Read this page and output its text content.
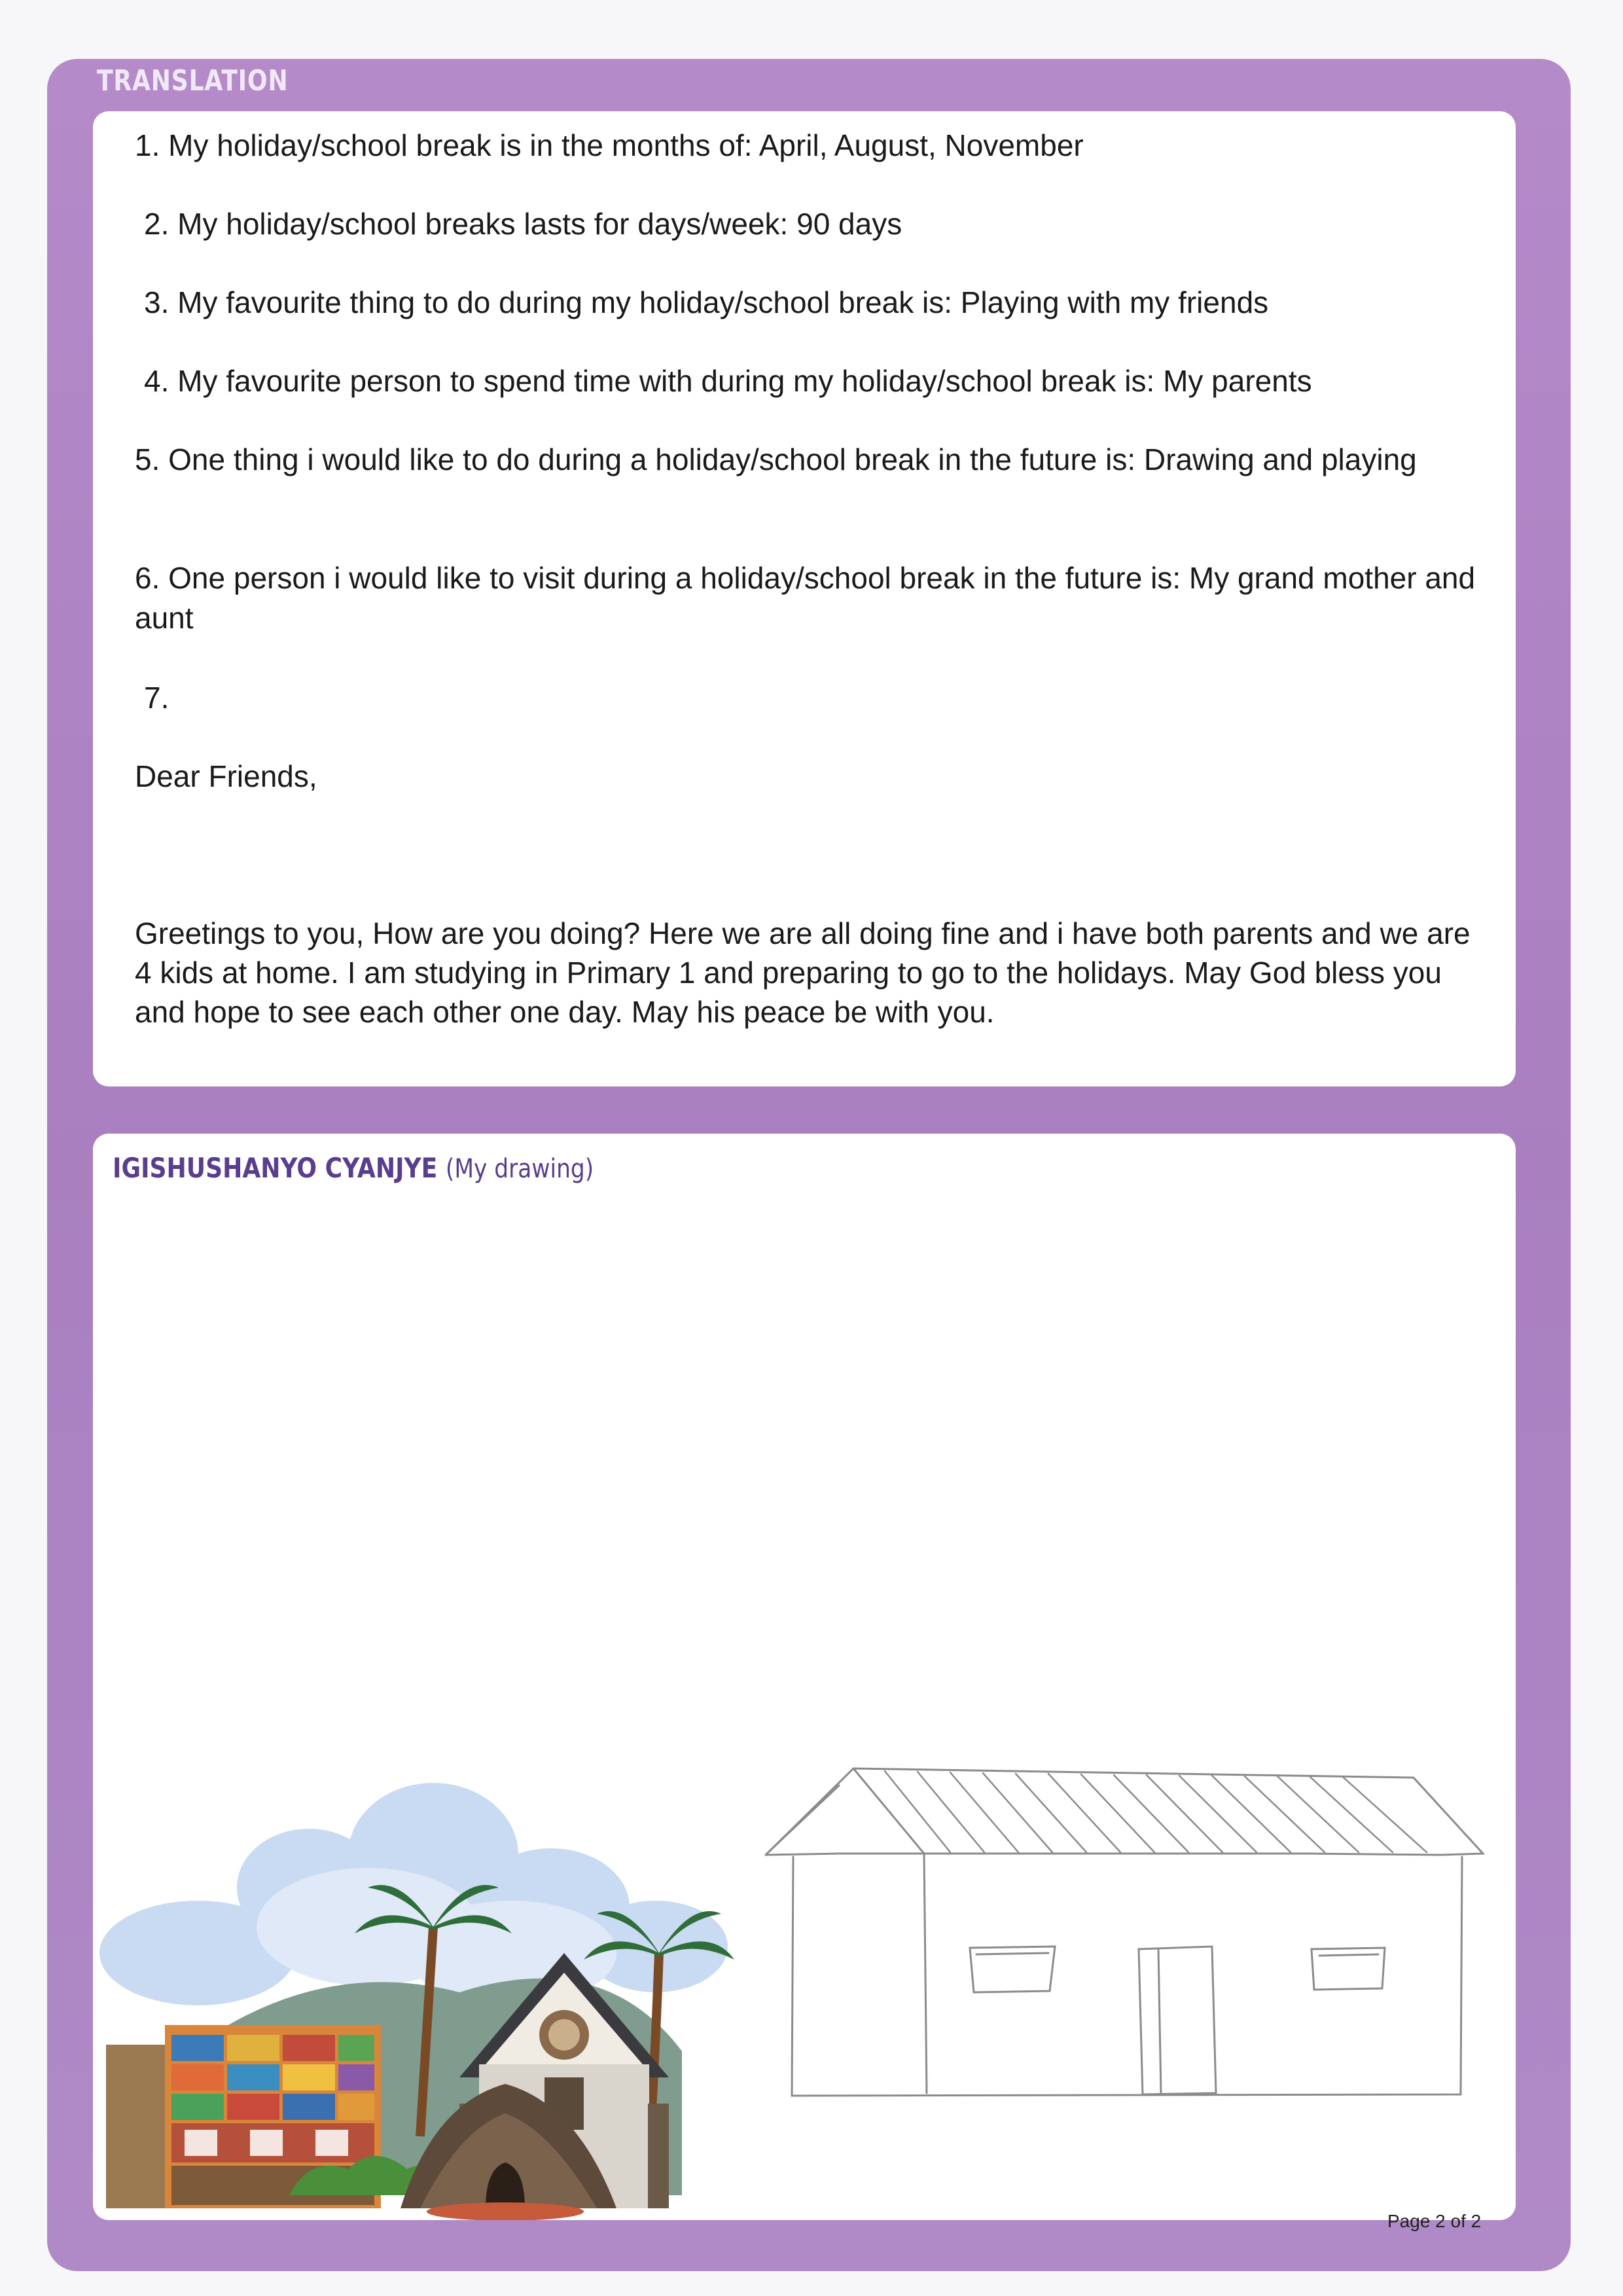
TRANSLATION
1. My holiday/school break is in the months of: April, August, November
2. My holiday/school breaks lasts for days/week: 90 days
3. My favourite thing to do during my holiday/school break is: Playing with my friends
4. My favourite person to spend time with during my holiday/school break is: My parents
5. One thing i would like to do during a holiday/school break in the future is: Drawing and playing
6. One person i would like to visit during a holiday/school break in the future is: My grand mother and aunt
7.
Dear Friends,
Greetings to you, How are you doing? Here we are all doing fine and i have both parents and we are 4 kids at home. I am studying in Primary 1 and preparing to go to the holidays. May God bless you and hope to see each other one day. May his peace be with you.
IGISHUSHANYO CYANJYE (My drawing)
Page 2 of 2
